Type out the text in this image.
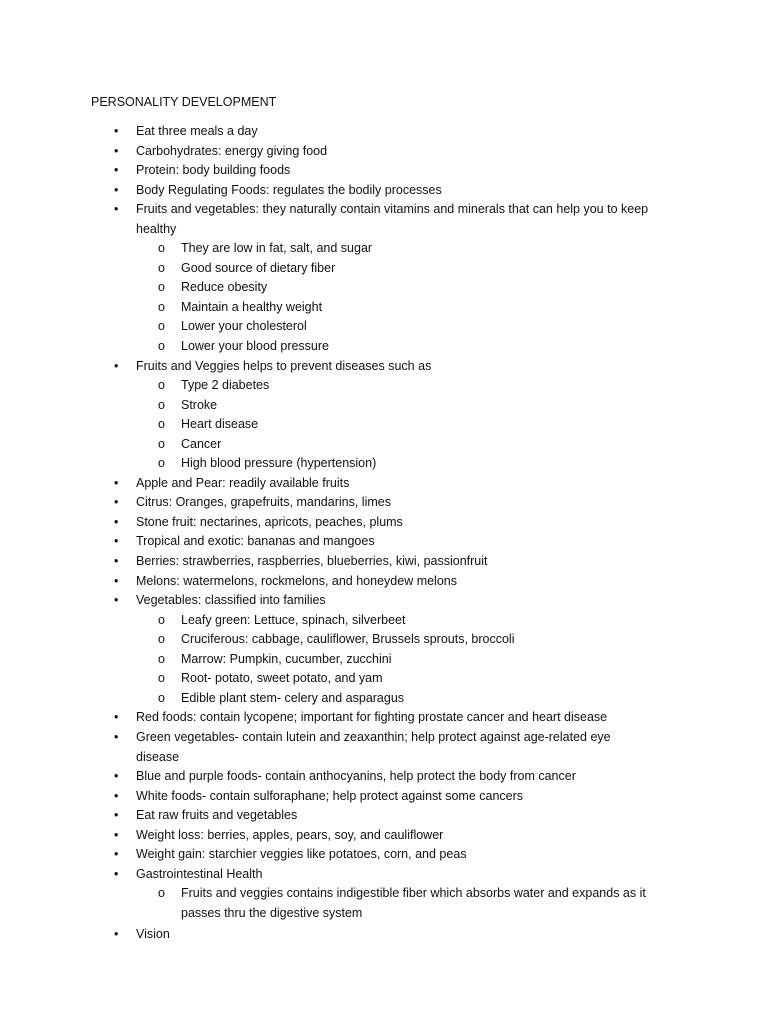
PERSONALITY DEVELOPMENT
• Eat three meals a day
• Carbohydrates: energy giving food
• Protein: body building foods
• Body Regulating Foods: regulates the bodily processes
• Fruits and vegetables: they naturally contain vitamins and minerals that can help you to keep healthy
o They are low in fat, salt, and sugar
o Good source of dietary fiber
o Reduce obesity
o Maintain a healthy weight
o Lower your cholesterol
o Lower your blood pressure
• Fruits and Veggies helps to prevent diseases such as
o Type 2 diabetes
o Stroke
o Heart disease
o Cancer
o High blood pressure (hypertension)
• Apple and Pear: readily available fruits
• Citrus: Oranges, grapefruits, mandarins, limes
• Stone fruit: nectarines, apricots, peaches, plums
• Tropical and exotic: bananas and mangoes
• Berries: strawberries, raspberries, blueberries, kiwi, passionfruit
• Melons: watermelons, rockmelons, and honeydew melons
• Vegetables: classified into families
o Leafy green: Lettuce, spinach, silverbeet
o Cruciferous: cabbage, cauliflower, Brussels sprouts, broccoli
o Marrow: Pumpkin, cucumber, zucchini
o Root- potato, sweet potato, and yam
o Edible plant stem- celery and asparagus
• Red foods: contain lycopene; important for fighting prostate cancer and heart disease
• Green vegetables- contain lutein and zeaxanthin; help protect against age-related eye disease
• Blue and purple foods- contain anthocyanins, help protect the body from cancer
• White foods- contain sulforaphane; help protect against some cancers
• Eat raw fruits and vegetables
• Weight loss: berries, apples, pears, soy, and cauliflower
• Weight gain: starchier veggies like potatoes, corn, and peas
• Gastrointestinal Health
o Fruits and veggies contains indigestible fiber which absorbs water and expands as it passes thru the digestive system
• Vision
